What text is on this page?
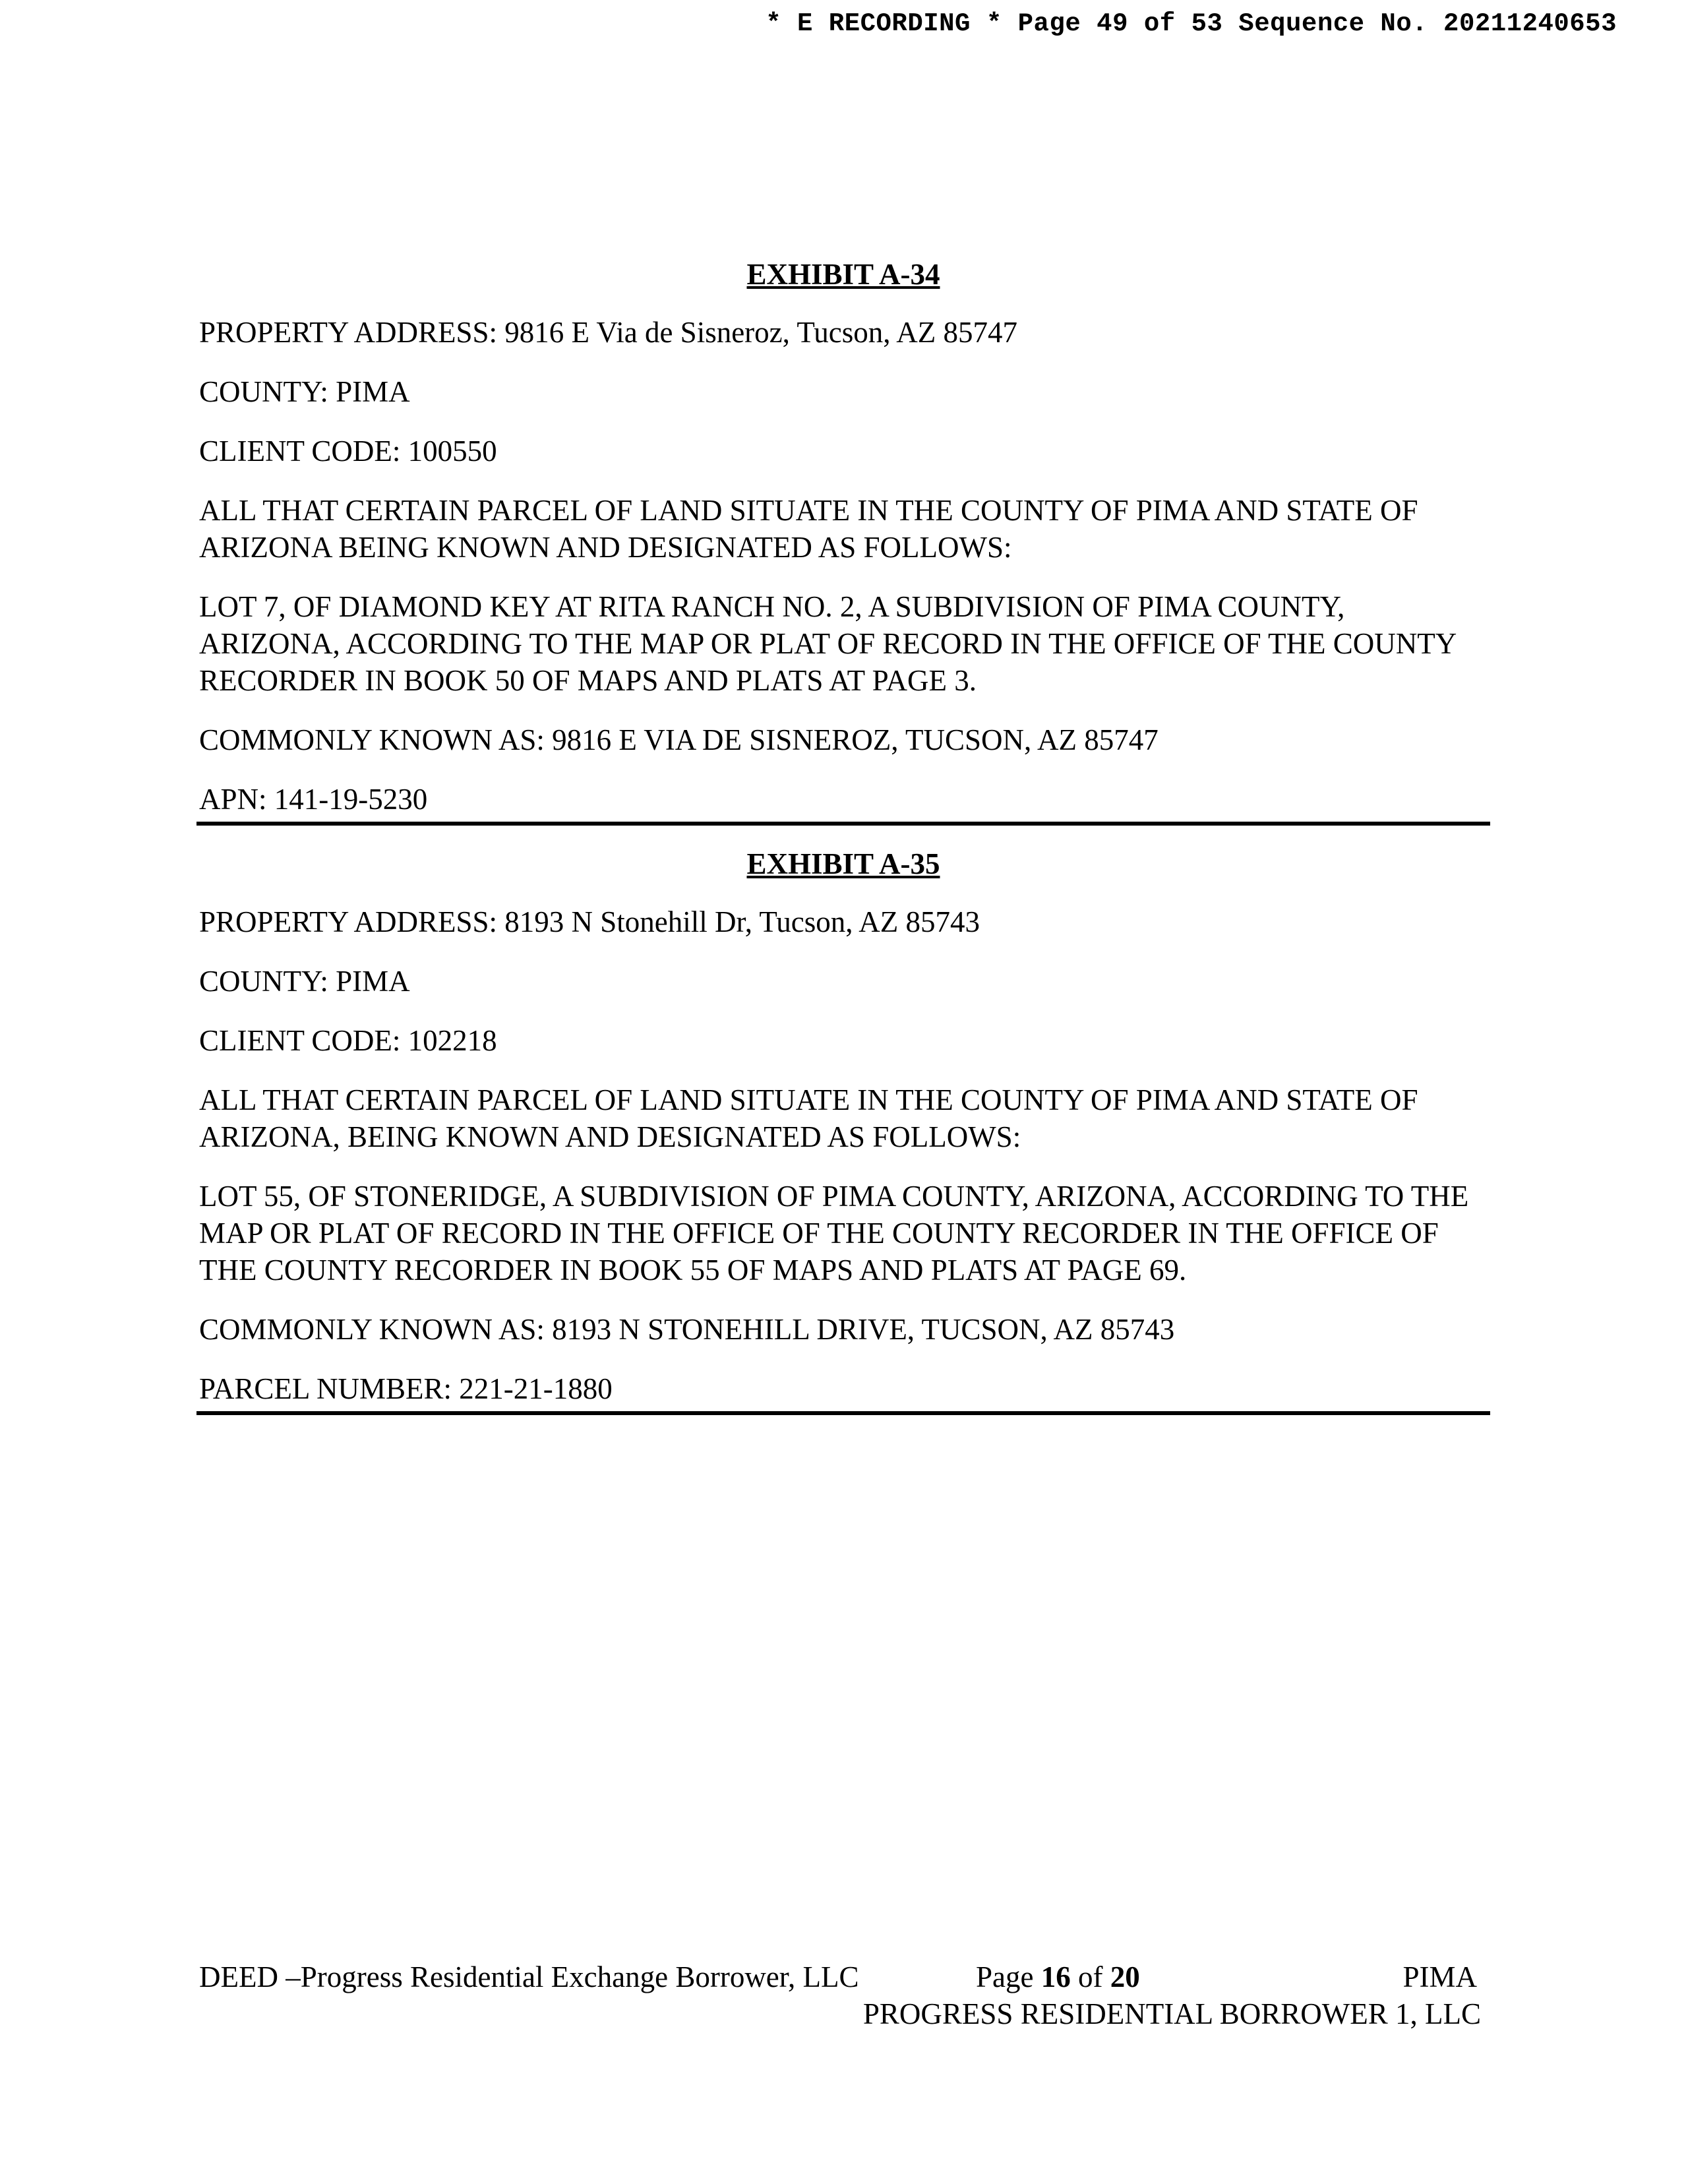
* E RECORDING * Page 49 of 53 Sequence No. 20211240653
EXHIBIT A-34

PROPERTY ADDRESS: 9816 E Via de Sisneroz, Tucson, AZ 85747

COUNTY: PIMA

CLIENT CODE: 100550

ALL THAT CERTAIN PARCEL OF LAND SITUATE IN THE COUNTY OF PIMA AND STATE OF ARIZONA BEING KNOWN AND DESIGNATED AS FOLLOWS:

LOT 7, OF DIAMOND KEY AT RITA RANCH NO. 2, A SUBDIVISION OF PIMA COUNTY, ARIZONA, ACCORDING TO THE MAP OR PLAT OF RECORD IN THE OFFICE OF THE COUNTY RECORDER IN BOOK 50 OF MAPS AND PLATS AT PAGE 3.

COMMONLY KNOWN AS: 9816 E VIA DE SISNEROZ, TUCSON, AZ 85747

APN: 141-19-5230

EXHIBIT A-35

PROPERTY ADDRESS: 8193 N Stonehill Dr, Tucson, AZ 85743

COUNTY: PIMA

CLIENT CODE: 102218

ALL THAT CERTAIN PARCEL OF LAND SITUATE IN THE COUNTY OF PIMA AND STATE OF ARIZONA, BEING KNOWN AND DESIGNATED AS FOLLOWS:

LOT 55, OF STONERIDGE, A SUBDIVISION OF PIMA COUNTY, ARIZONA, ACCORDING TO THE MAP OR PLAT OF RECORD IN THE OFFICE OF THE COUNTY RECORDER IN THE OFFICE OF THE COUNTY RECORDER IN BOOK 55 OF MAPS AND PLATS AT PAGE 69.

COMMONLY KNOWN AS: 8193 N STONEHILL DRIVE, TUCSON, AZ 85743

PARCEL NUMBER: 221-21-1880

DEED –Progress Residential Exchange Borrower, LLC	Page 16 of 20	PIMA
PROGRESS RESIDENTIAL BORROWER 1, LLC
